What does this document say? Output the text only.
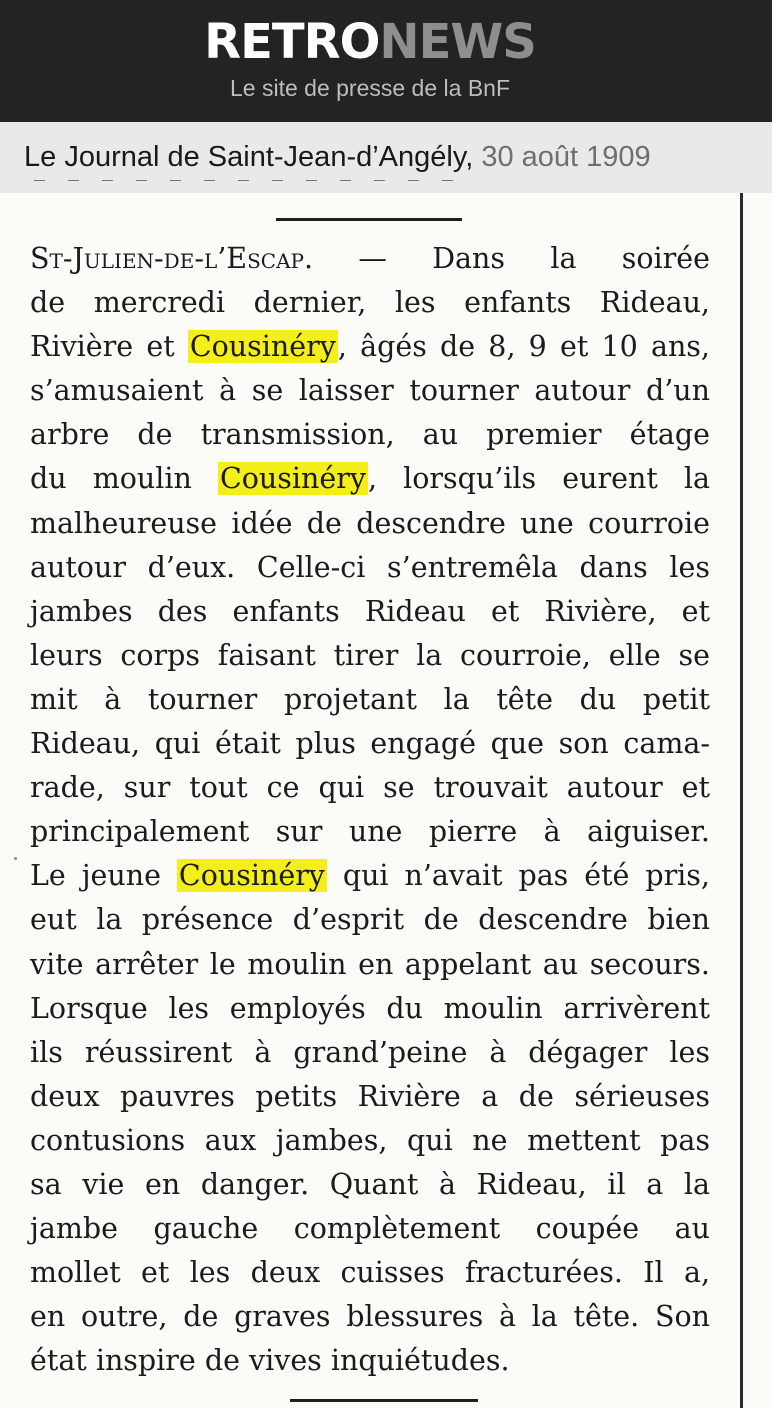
RETRONEWS
Le site de presse de la BnF
Le Journal de Saint-Jean-d’Angély, 30 août 1909
‾ ‾ ‾ ‾ ‾ ‾ ‾ ‾ ‾ ‾ ‾ ‾ ‾
St-Julien-de-l’Escap. — Dans la soirée
de mercredi dernier, les enfants Rideau,
Rivière et Cousinéry, âgés de 8, 9 et 10 ans,
s’amusaient à se laisser tourner autour d’un
arbre de transmission, au premier étage
du moulin Cousinéry, lorsqu’ils eurent la
malheureuse idée de descendre une courroie
autour d’eux. Celle-ci s’entremêla dans les
jambes des enfants Rideau et Rivière, et
leurs corps faisant tirer la courroie, elle se
mit à tourner projetant la tête du petit
Rideau, qui était plus engagé que son cama-
rade, sur tout ce qui se trouvait autour et
principalement sur une pierre à aiguiser.
Le jeune Cousinéry qui n’avait pas été pris,
eut la présence d’esprit de descendre bien
vite arrêter le moulin en appelant au secours.
Lorsque les employés du moulin arrivèrent
ils réussirent à grand’peine à dégager les
deux pauvres petits Rivière a de sérieuses
contusions aux jambes, qui ne mettent pas
sa vie en danger. Quant à Rideau, il a la
jambe gauche complètement coupée au
mollet et les deux cuisses fracturées. Il a,
en outre, de graves blessures à la tête. Son
état inspire de vives inquiétudes.
